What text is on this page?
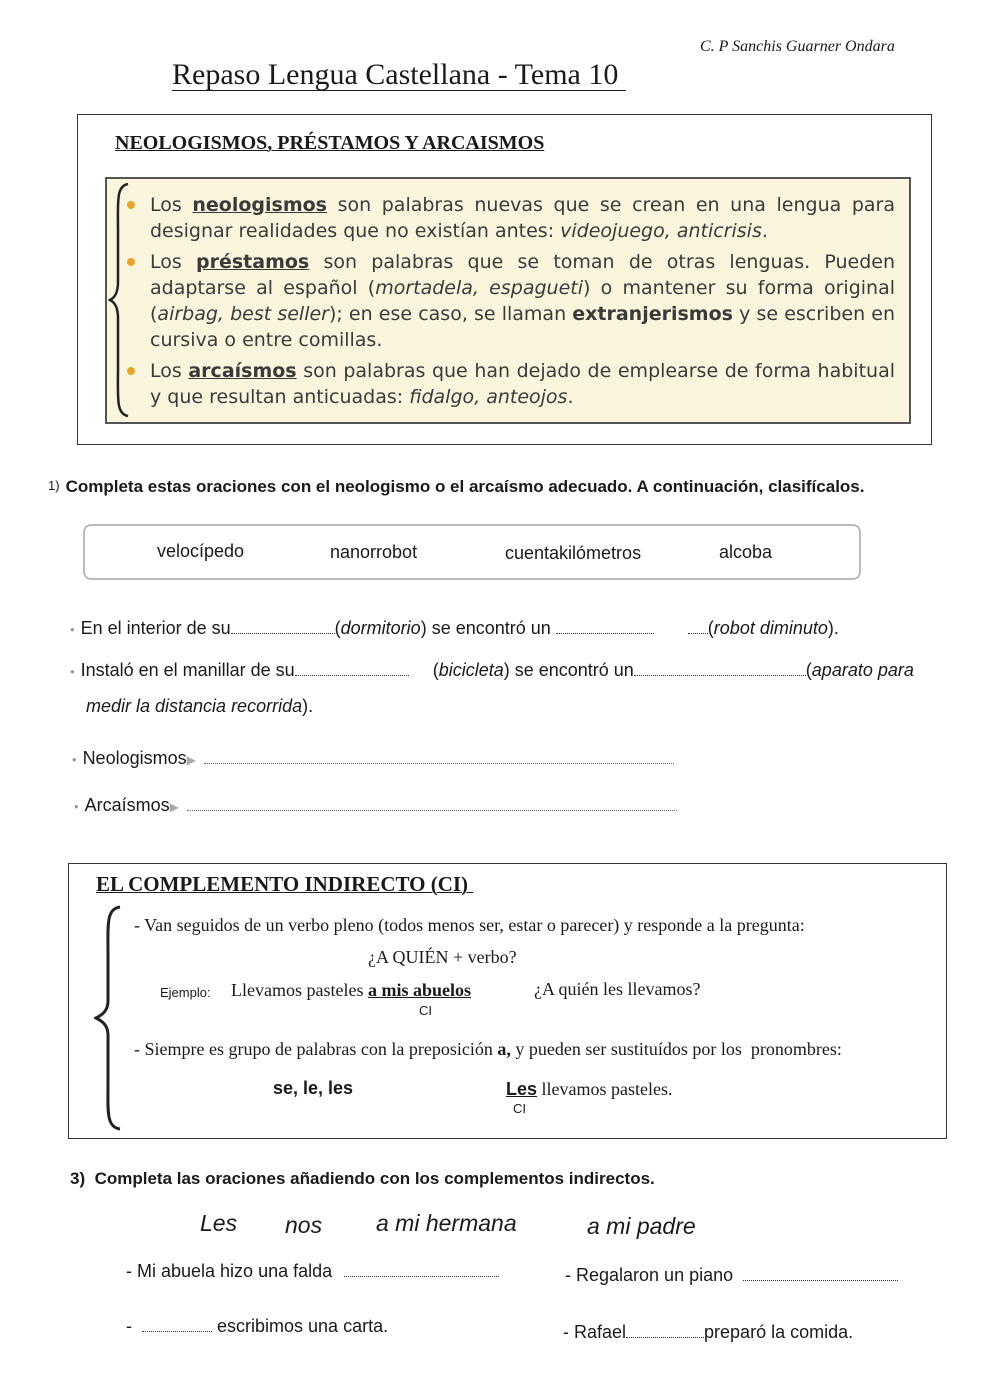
C. P Sanchis Guarner Ondara
Repaso Lengua Castellana - Tema 10
NEOLOGISMOS, PRÉSTAMOS Y ARCAISMOS

Los neologismos son palabras nuevas que se crean en una lengua para designar realidades que no existían antes: videojuego, anticrisis.

Los préstamos son palabras que se toman de otras lenguas. Pueden adaptarse al español (mortadela, espagueti) o mantener su forma original (airbag, best seller); en ese caso, se llaman extranjerismos y se escriben en cursiva o entre comillas.

Los arcaísmos son palabras que han dejado de emplearse de forma habitual y que resultan anticuadas: fidalgo, anteojos.

1) Completa estas oraciones con el neologismo o el arcaísmo adecuado. A continuación, clasifícalos.
velocípedo	nanorrobot	cuentakilómetros	alcoba
• En el interior de su	(dormitorio) se encontró un	(robot diminuto).
• Instaló en el manillar de su	(bicicleta) se encontró un	(aparato para
medir la distancia recorrida).
• Neologismos▶
• Arcaísmos▶
EL COMPLEMENTO INDIRECTO (CI)
- Van seguidos de un verbo pleno (todos menos ser, estar o parecer) y responde a la pregunta:
¿A QUIÉN + verbo?
Ejemplo: Llevamos pasteles a mis abuelos
CI
¿A quién les llevamos?
- Siempre es grupo de palabras con la preposición a, y pueden ser sustituídos por los  pronombres:
se, le, les	Les llevamos pasteles.
CI
3) Completa las oraciones añadiendo con los complementos indirectos.
Les nos a mi hermana	a mi padre
- Mi abuela hizo una falda	- Regalaron un piano
-	escribimos una carta.	- Rafael	preparó la comida.
